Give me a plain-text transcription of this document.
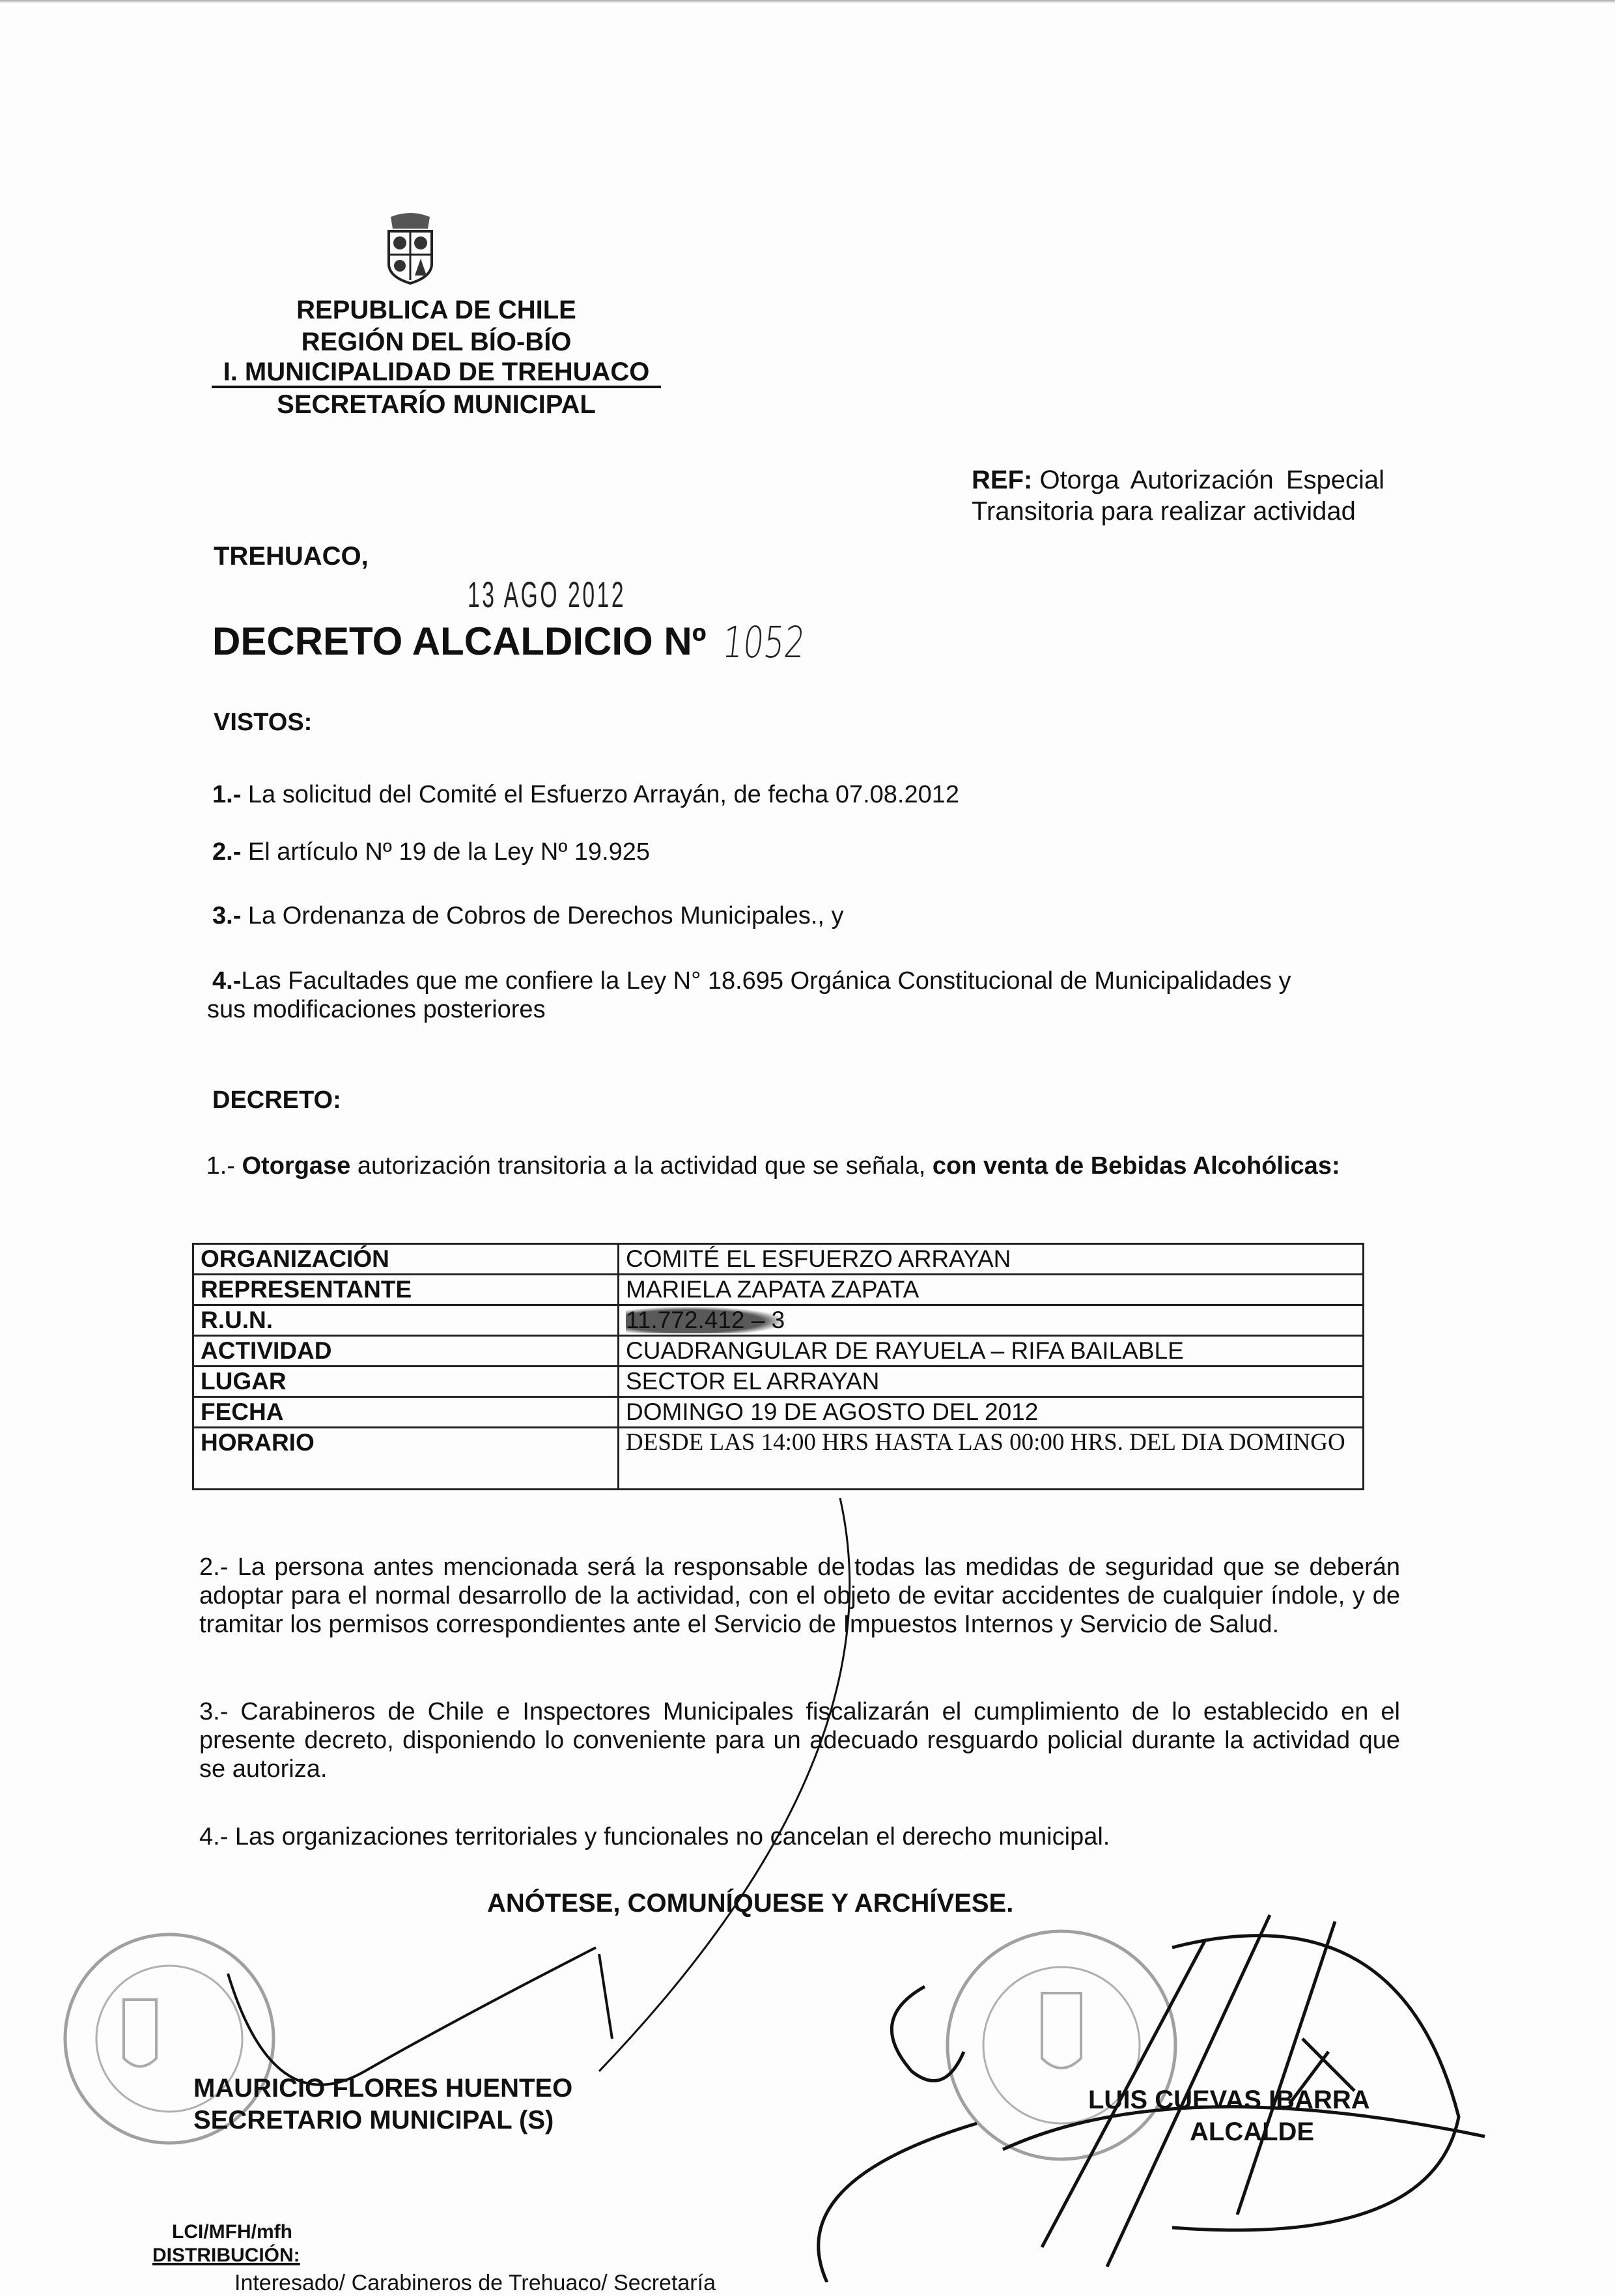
REPUBLICA DE CHILE
REGIÓN DEL BÍO-BÍO
I. MUNICIPALIDAD DE TREHUACO
SECRETARÍO MUNICIPAL
REF: Otorga Autorización Especial
Transitoria para realizar actividad
TREHUACO,
13 AGO 2012
DECRETO ALCALDICIO Nº 1052
VISTOS:
1.- La solicitud del Comité el Esfuerzo Arrayán, de fecha 07.08.2012
2.- El artículo Nº 19 de la Ley Nº 19.925
3.- La Ordenanza de Cobros de Derechos Municipales., y
4.-Las Facultades que me confiere la Ley N° 18.695 Orgánica Constitucional de Municipalidades y
sus modificaciones posteriores
DECRETO:
1.- Otorgase autorización transitoria a la actividad que se señala, con venta de Bebidas Alcohólicas:
ORGANIZACIÓN	COMITÉ EL ESFUERZO ARRAYAN
REPRESENTANTE	MARIELA ZAPATA ZAPATA
R.U.N.	11.772.412 – 3
ACTIVIDAD	CUADRANGULAR DE RAYUELA – RIFA BAILABLE
LUGAR	SECTOR EL ARRAYAN
FECHA	DOMINGO 19 DE AGOSTO DEL 2012
HORARIO	DESDE LAS 14:00 HRS HASTA LAS 00:00 HRS. DEL DIA DOMINGO
2.- La persona antes mencionada será la responsable de todas las medidas de seguridad que se deberán adoptar para el normal desarrollo de la actividad, con el objeto de evitar accidentes de cualquier índole, y de tramitar los permisos correspondientes ante el Servicio de Impuestos Internos y Servicio de Salud.
3.- Carabineros de Chile e Inspectores Municipales fiscalizarán el cumplimiento de lo establecido en el presente decreto, disponiendo lo conveniente para un adecuado resguardo policial durante la actividad que se autoriza.
4.- Las organizaciones territoriales y funcionales no cancelan el derecho municipal.
ANÓTESE, COMUNÍQUESE Y ARCHÍVESE.
MAURICIO FLORES HUENTEO
SECRETARIO MUNICIPAL (S)
LUIS CUEVAS IBARRA
ALCALDE
LCI/MFH/mfh
DISTRIBUCIÓN:
Interesado/ Carabineros de Trehuaco/ Secretaría
